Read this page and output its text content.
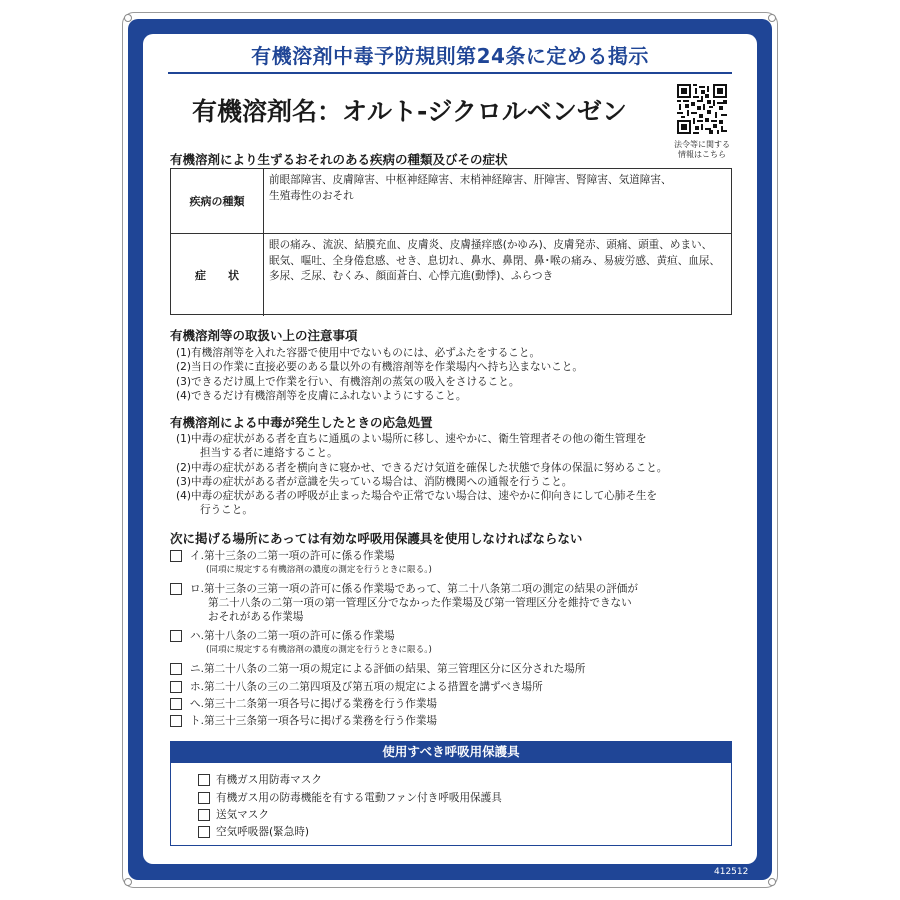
有機溶剤中毒予防規則第24条に定める掲示
有機溶剤名：オルト-ジクロルベンゼン
法令等に関する
情報はこちら
有機溶剤により生ずるおそれのある疾病の種類及びその症状
疾病の種類
前眼部障害、皮膚障害、中枢神経障害、末梢神経障害、肝障害、腎障害、気道障害、
生殖毒性のおそれ
症　　状
眼の痛み、流涙、結膜充血、皮膚炎、皮膚掻痒感(かゆみ)、皮膚発赤、頭痛、頭重、めまい、
眠気、嘔吐、全身倦怠感、せき、息切れ、鼻水、鼻閉、鼻･喉の痛み、易疲労感、黄疸、血尿、
多尿、乏尿、むくみ、顔面蒼白、心悸亢進(動悸)、ふらつき
有機溶剤等の取扱い上の注意事項
(1)有機溶剤等を入れた容器で使用中でないものには、必ずふたをすること。
(2)当日の作業に直接必要のある量以外の有機溶剤等を作業場内へ持ち込まないこと。
(3)できるだけ風上で作業を行い、有機溶剤の蒸気の吸入をさけること。
(4)できるだけ有機溶剤等を皮膚にふれないようにすること。
有機溶剤による中毒が発生したときの応急処置
(1)中毒の症状がある者を直ちに通風のよい場所に移し、速やかに、衛生管理者その他の衛生管理を
担当する者に連絡すること。
(2)中毒の症状がある者を横向きに寝かせ、できるだけ気道を確保した状態で身体の保温に努めること。
(3)中毒の症状がある者が意識を失っている場合は、消防機関への通報を行うこと。
(4)中毒の症状がある者の呼吸が止まった場合や正常でない場合は、速やかに仰向きにして心肺そ生を
行うこと。
次に掲げる場所にあっては有効な呼吸用保護具を使用しなければならない
イ.第十三条の二第一項の許可に係る作業場
(同項に規定する有機溶剤の濃度の測定を行うときに限る。)
ロ.第十三条の三第一項の許可に係る作業場であって、第二十八条第二項の測定の結果の評価が
第二十八条の二第一項の第一管理区分でなかった作業場及び第一管理区分を維持できない
おそれがある作業場
ハ.第十八条の二第一項の許可に係る作業場
(同項に規定する有機溶剤の濃度の測定を行うときに限る。)
ニ.第二十八条の二第一項の規定による評価の結果、第三管理区分に区分された場所
ホ.第二十八条の三の二第四項及び第五項の規定による措置を講ずべき場所
へ.第三十二条第一項各号に掲げる業務を行う作業場
ト.第三十三条第一項各号に掲げる業務を行う作業場
使用すべき呼吸用保護具
有機ガス用防毒マスク
有機ガス用の防毒機能を有する電動ファン付き呼吸用保護具
送気マスク
空気呼吸器(緊急時)
412512
